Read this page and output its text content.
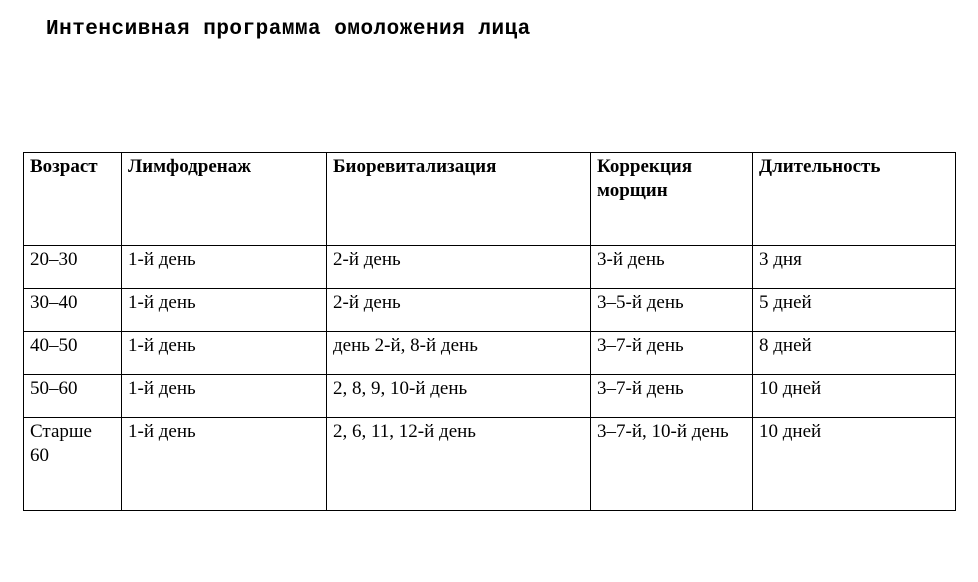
Интенсивная программа омоложения лица
Возраст	Лимфодренаж	Биоревитализация	Коррекция морщин	Длительность
20–30	1-й день	2-й день	3-й день	3 дня
30–40	1-й день	2-й день	3–5-й день	5 дней
40–50	1-й день	день 2-й, 8-й день	3–7-й день	8 дней
50–60	1-й день	2, 8, 9, 10-й день	3–7-й день	10 дней
Старше 60	1-й день	2, 6, 11, 12-й день	3–7-й, 10-й день	10 дней
